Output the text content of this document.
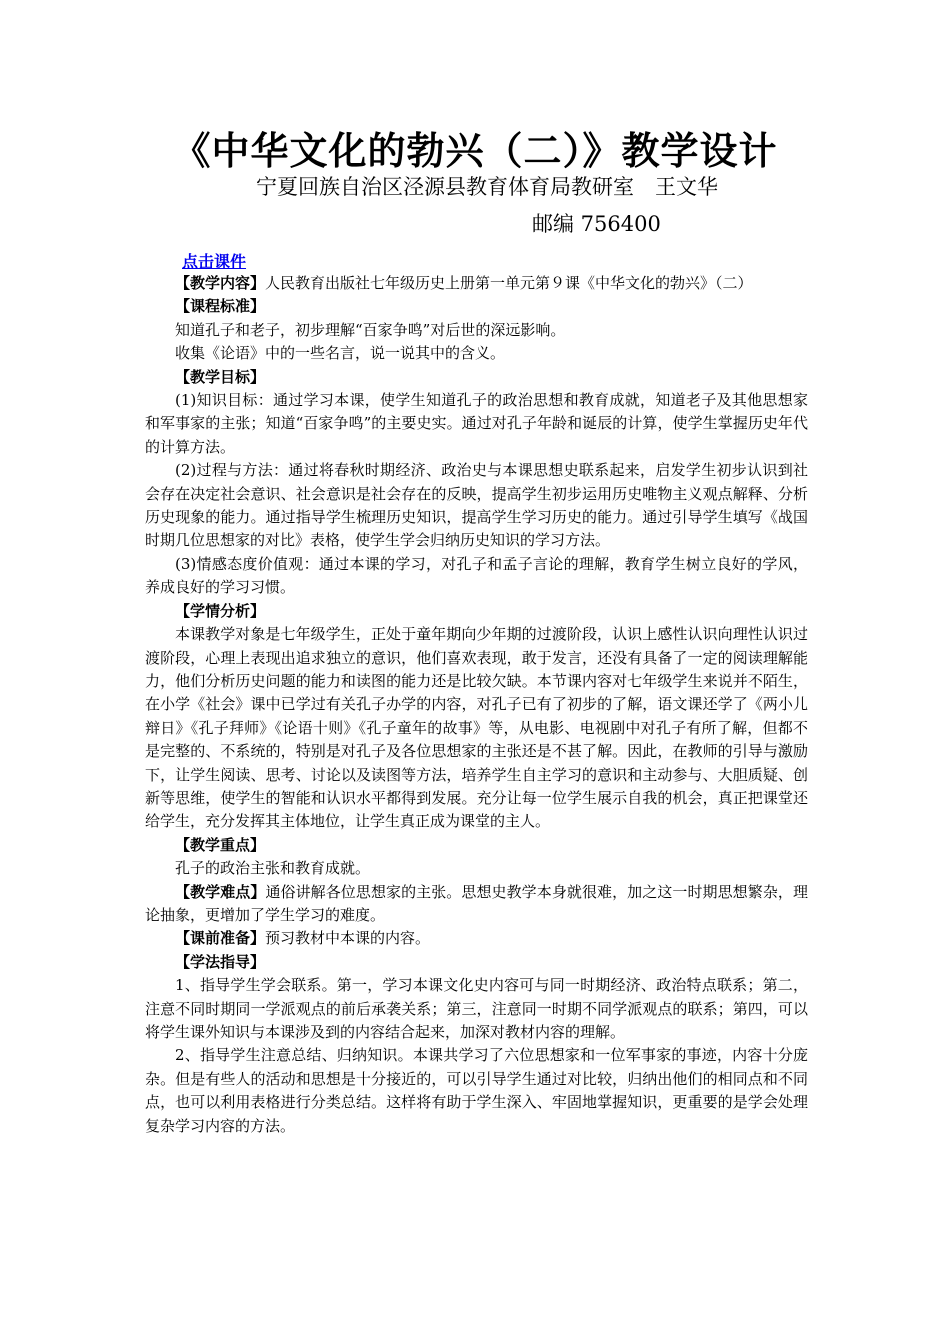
《中华文化的勃兴（二）》教学设计
宁夏回族自治区泾源县教育体育局教研室　王文华
邮编 756400
点击课件

【教学内容】人民教育出版社七年级历史上册第一单元第９课《中华文化的勃兴》（二）

【课程标准】

知道孔子和老子，初步理解“百家争鸣”对后世的深远影响。

收集《论语》中的一些名言，说一说其中的含义。

【教学目标】

(1)知识目标：通过学习本课，使学生知道孔子的政治思想和教育成就，知道老子及其他思想家和军事家的主张；知道“百家争鸣”的主要史实。通过对孔子年龄和诞辰的计算，使学生掌握历史年代的计算方法。

(2)过程与方法：通过将春秋时期经济、政治史与本课思想史联系起来，启发学生初步认识到社会存在决定社会意识、社会意识是社会存在的反映，提高学生初步运用历史唯物主义观点解释、分析历史现象的能力。通过指导学生梳理历史知识，提高学生学习历史的能力。通过引导学生填写《战国时期几位思想家的对比》表格，使学生学会归纳历史知识的学习方法。

(3)情感态度价值观：通过本课的学习，对孔子和孟子言论的理解，教育学生树立良好的学风，养成良好的学习习惯。

【学情分析】

本课教学对象是七年级学生，正处于童年期向少年期的过渡阶段，认识上感性认识向理性认识过渡阶段，心理上表现出追求独立的意识，他们喜欢表现，敢于发言，还没有具备了一定的阅读理解能力，他们分析历史问题的能力和读图的能力还是比较欠缺。本节课内容对七年级学生来说并不陌生，在小学《社会》课中已学过有关孔子办学的内容，对孔子已有了初步的了解，语文课还学了《两小儿辩日》《孔子拜师》《论语十则》《孔子童年的故事》等，从电影、电视剧中对孔子有所了解，但都不是完整的、不系统的，特别是对孔子及各位思想家的主张还是不甚了解。因此，在教师的引导与激励下，让学生阅读、思考、讨论以及读图等方法，培养学生自主学习的意识和主动参与、大胆质疑、创新等思维，使学生的智能和认识水平都得到发展。充分让每一位学生展示自我的机会，真正把课堂还给学生，充分发挥其主体地位，让学生真正成为课堂的主人。

【教学重点】

孔子的政治主张和教育成就。

【教学难点】通俗讲解各位思想家的主张。思想史教学本身就很难，加之这一时期思想繁杂，理论抽象，更增加了学生学习的难度。

【课前准备】预习教材中本课的内容。

【学法指导】

1、指导学生学会联系。第一，学习本课文化史内容可与同一时期经济、政治特点联系；第二，注意不同时期同一学派观点的前后承袭关系；第三，注意同一时期不同学派观点的联系；第四，可以将学生课外知识与本课涉及到的内容结合起来，加深对教材内容的理解。

2、指导学生注意总结、归纳知识。本课共学习了六位思想家和一位军事家的事迹，内容十分庞杂。但是有些人的活动和思想是十分接近的，可以引导学生通过对比较，归纳出他们的相同点和不同点，也可以利用表格进行分类总结。这样将有助于学生深入、牢固地掌握知识，更重要的是学会处理复杂学习内容的方法。
